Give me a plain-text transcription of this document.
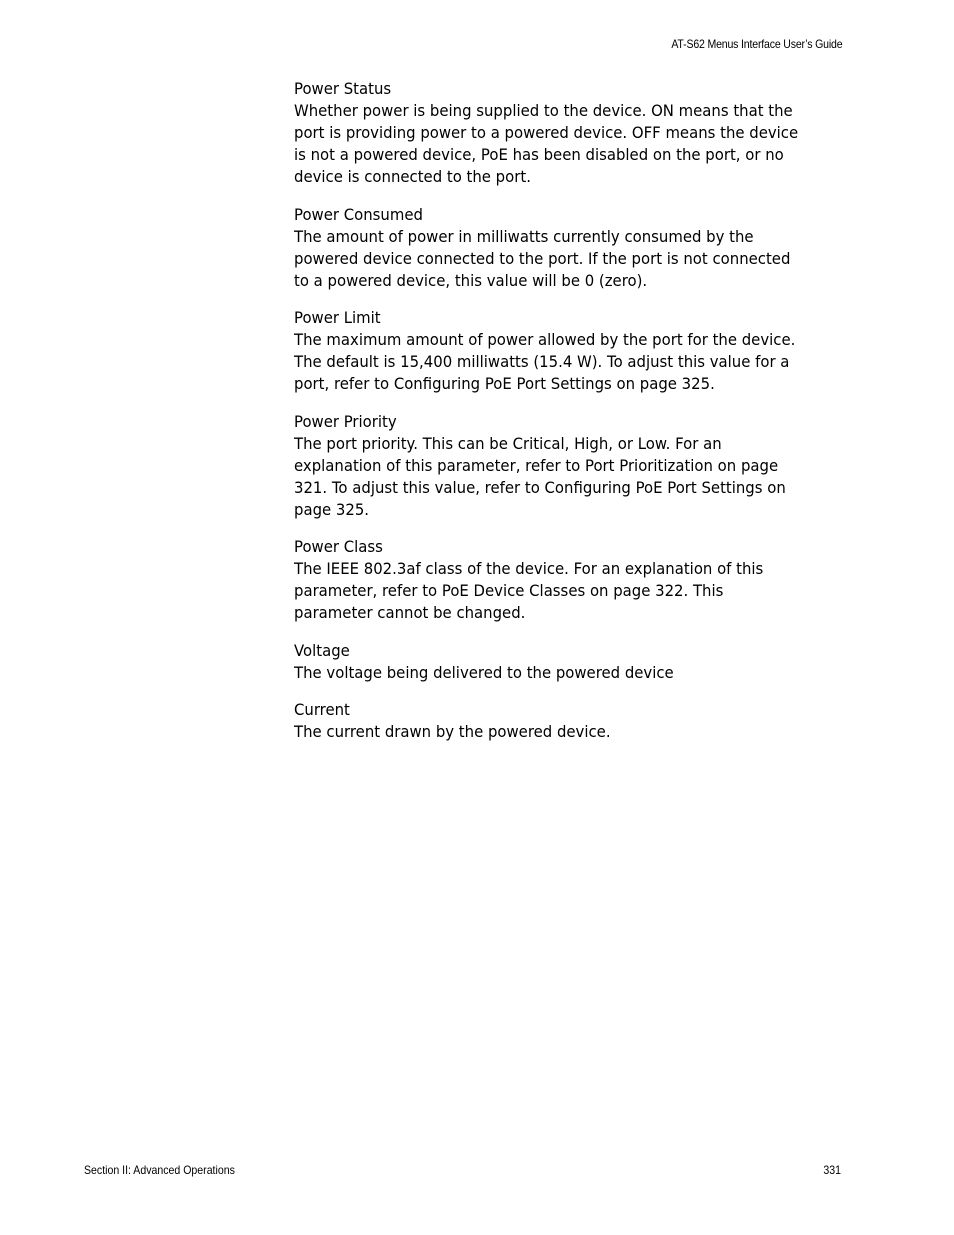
AT-S62 Menus Interface User’s Guide
Power Status
Whether power is being supplied to the device. ON means that the port is providing power to a powered device. OFF means the device is not a powered device, PoE has been disabled on the port, or no device is connected to the port.
Power Consumed
The amount of power in milliwatts currently consumed by the powered device connected to the port. If the port is not connected to a powered device, this value will be 0 (zero).
Power Limit
The maximum amount of power allowed by the port for the device. The default is 15,400 milliwatts (15.4 W). To adjust this value for a port, refer to Configuring PoE Port Settings on page 325.
Power Priority
The port priority. This can be Critical, High, or Low. For an explanation of this parameter, refer to Port Prioritization on page 321. To adjust this value, refer to Configuring PoE Port Settings on page 325.
Power Class
The IEEE 802.3af class of the device. For an explanation of this parameter, refer to PoE Device Classes on page 322. This parameter cannot be changed.
Voltage
The voltage being delivered to the powered device
Current
The current drawn by the powered device.
Section II: Advanced Operations	331
